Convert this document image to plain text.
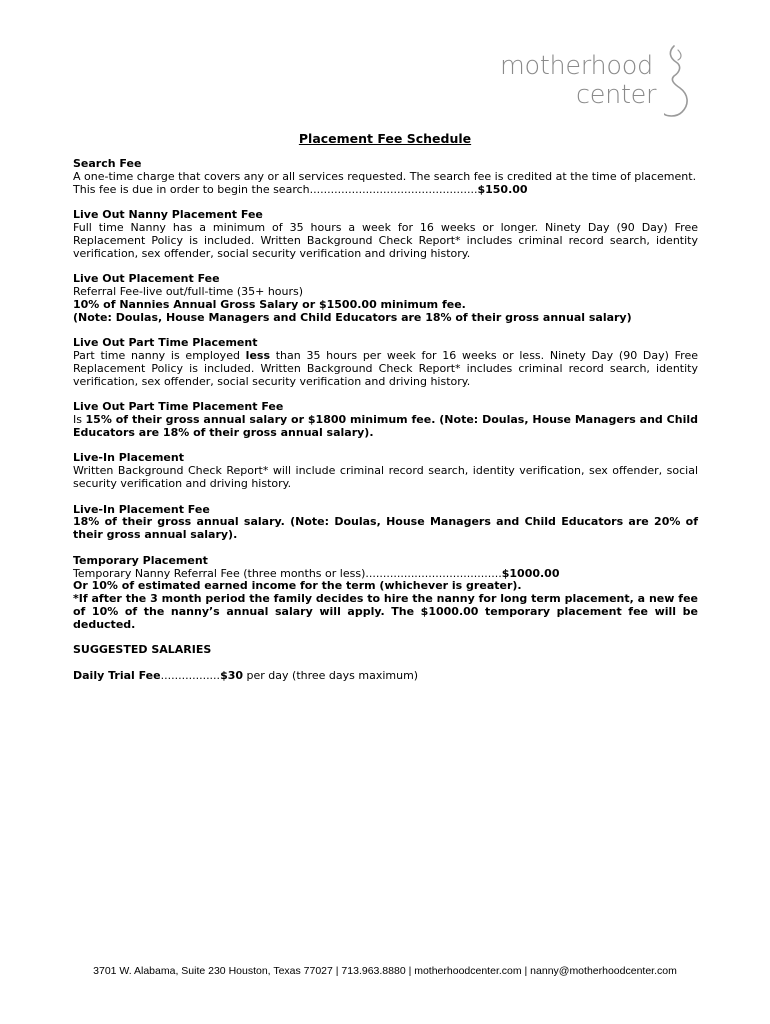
motherhood
center
Placement Fee Schedule
Search Fee
A one-time charge that covers any or all services requested. The search fee is credited at the time of placement.
This fee is due in order to begin the search................................................$150.00
Live Out Nanny Placement Fee
Full time Nanny has a minimum of 35 hours a week for 16 weeks or longer. Ninety Day (90 Day) Free Replacement Policy is included. Written Background Check Report* includes criminal record search, identity verification, sex offender, social security verification and driving history.
Live Out Placement Fee
Referral Fee-live out/full-time (35+ hours)
10% of Nannies Annual Gross Salary or $1500.00 minimum fee.
(Note: Doulas, House Managers and Child Educators are 18% of their gross annual salary)
Live Out Part Time Placement
Part time nanny is employed less than 35 hours per week for 16 weeks or less. Ninety Day (90 Day) Free Replacement Policy is included. Written Background Check Report* includes criminal record search, identity verification, sex offender, social security verification and driving history.
Live Out Part Time Placement Fee
Is 15% of their gross annual salary or $1800 minimum fee. (Note: Doulas, House Managers and Child Educators are 18% of their gross annual salary).
Live-In Placement
Written Background Check Report* will include criminal record search, identity verification, sex offender, social security verification and driving history.
Live-In Placement Fee
18% of their gross annual salary. (Note: Doulas, House Managers and Child Educators are 20% of their gross annual salary).
Temporary Placement
Temporary Nanny Referral Fee (three months or less).......................................$1000.00
Or 10% of estimated earned income for the term (whichever is greater).
*If after the 3 month period the family decides to hire the nanny for long term placement, a new fee of 10% of the nanny’s annual salary will apply. The $1000.00 temporary placement fee will be deducted.
SUGGESTED SALARIES
Daily Trial Fee.................$30 per day (three days maximum)
3701 W. Alabama, Suite 230 Houston, Texas 77027 | 713.963.8880 | motherhoodcenter.com | nanny@motherhoodcenter.com
